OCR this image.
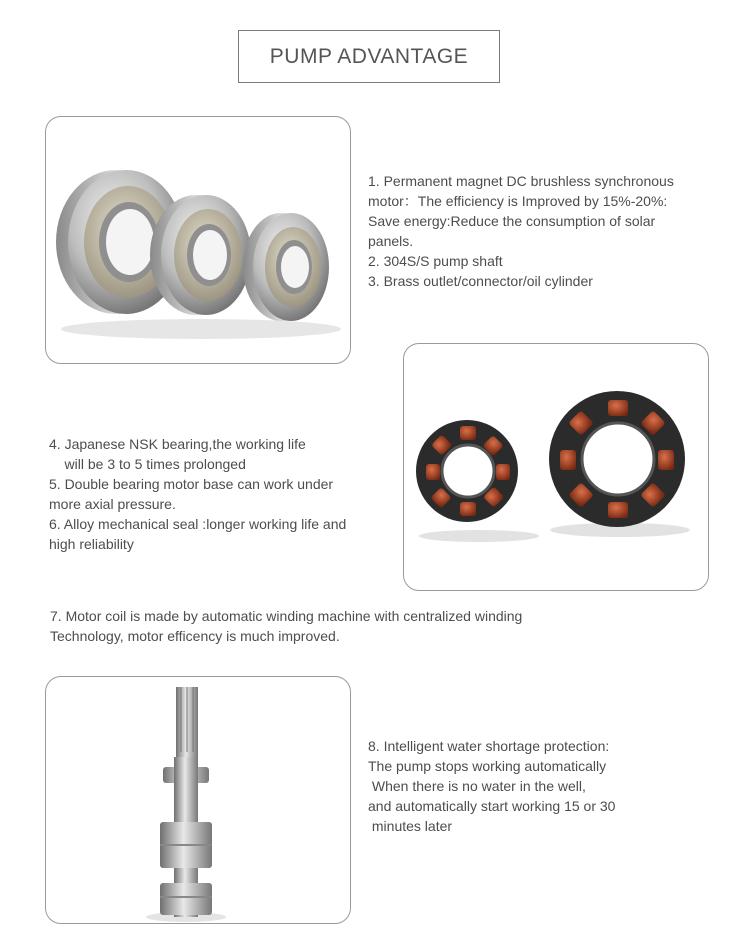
PUMP ADVANTAGE

1. Permanent magnet DC brushless synchronous

motor：The efficiency is Improved by 15%-20%:

Save energy:Reduce the consumption of solar

panels.

2. 304S/S pump shaft

3. Brass outlet/connector/oil cylinder

4. Japanese NSK bearing,the working life

will be 3 to 5 times prolonged

5. Double bearing motor base can work under

more axial pressure.

6. Alloy mechanical seal :longer working life and

high reliability

7. Motor coil is made by automatic winding machine with centralized winding

Technology, motor efficency is much improved.

8. Intelligent water shortage protection:

The pump stops working automatically

When there is no water in the well,

and automatically start working 15 or 30

minutes later
